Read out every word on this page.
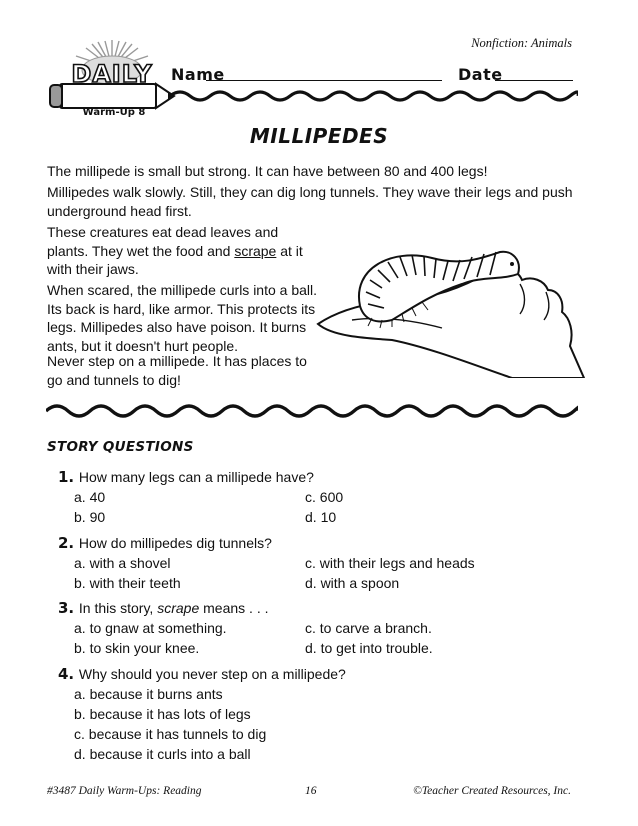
Nonfiction: Animals
Warm-Up 8
DAILY Name	Date
MILLIPEDES
The millipede is small but strong. It can have between 80 and 400 legs!
Millipedes walk slowly. Still, they can dig long tunnels. They wave their legs and push underground head first.
These creatures eat dead leaves and plants. They wet the food and scrape at it with their jaws.
When scared, the millipede curls into a ball. Its back is hard, like armor. This protects its legs. Millipedes also have poison. It burns ants, but it doesn't hurt people.
Never step on a millipede. It has places to go and tunnels to dig!
STORY QUESTIONS
1. How many legs can a millipede have?
a. 40	c. 600
b. 90	d. 10
2. How do millipedes dig tunnels?
a. with a shovel	c. with their legs and heads
b. with their teeth	d. with a spoon
3. In this story, scrape means . . .
a. to gnaw at something.	c. to carve a branch.
b. to skin your knee.	d. to get into trouble.
4. Why should you never step on a millipede?
a. because it burns ants
b. because it has lots of legs
c. because it has tunnels to dig
d. because it curls into a ball
#3487 Daily Warm-Ups: Reading	16	©Teacher Created Resources, Inc.
